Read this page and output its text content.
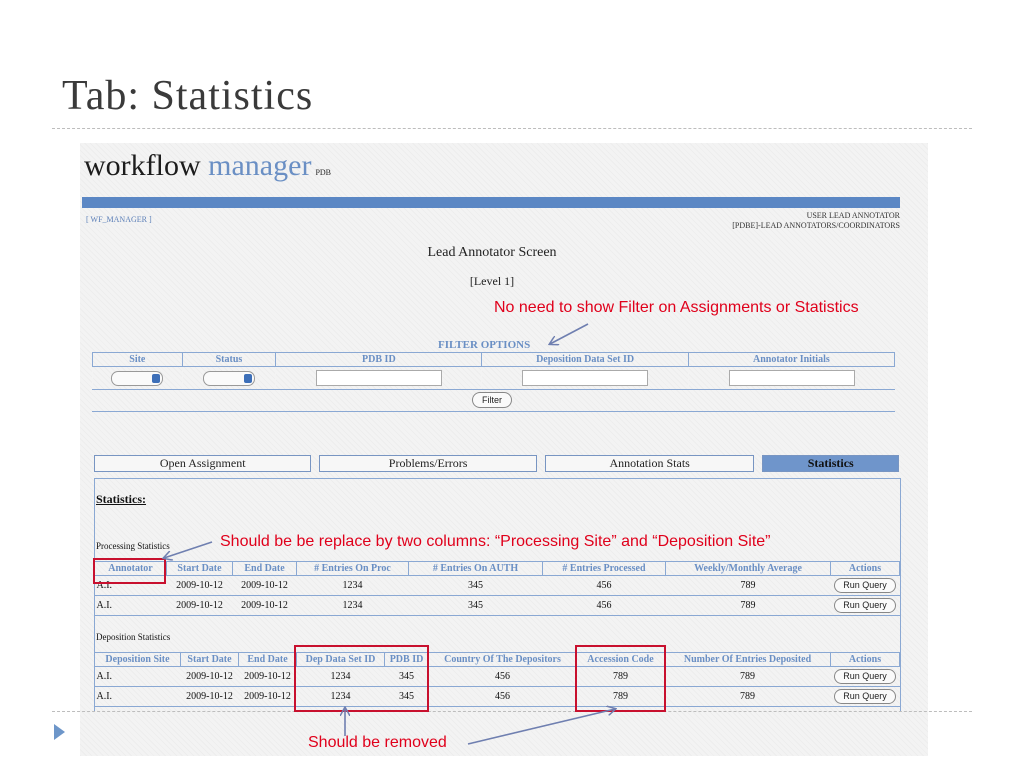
Tab: Statistics
workflow manager PDB
[ WF_MANAGER ]	USER LEAD ANNOTATOR
[PDBE]-LEAD ANNOTATORS/COORDINATORS
Lead Annotator Screen
[Level 1]
FILTER OPTIONS
Site	Status	PDB ID	Deposition Data Set ID	Annotator Initials

Filter
Open Assignment	Problems/Errors	Annotation Stats	Statistics
Statistics:
Processing Statistics
Annotator	Start Date	End Date	# Entries On Proc	# Entries On AUTH	# Entries Processed	Weekly/Monthly Average	Actions
A.I.	2009-10-12	2009-10-12	1234	345	456	789	Run Query
A.I.	2009-10-12	2009-10-12	1234	345	456	789	Run Query
Deposition Statistics
Deposition Site	Start Date	End Date	Dep Data Set ID	PDB ID	Country Of The Depositors	Accession Code	Number Of Entries Deposited	Actions
A.I.	2009-10-12	2009-10-12	1234	345	456	789	789	Run Query
A.I.	2009-10-12	2009-10-12	1234	345	456	789	789	Run Query
No need to show Filter on Assignments or Statistics
Should be be replace by two columns: “Processing Site” and “Deposition Site”
Should be removed
